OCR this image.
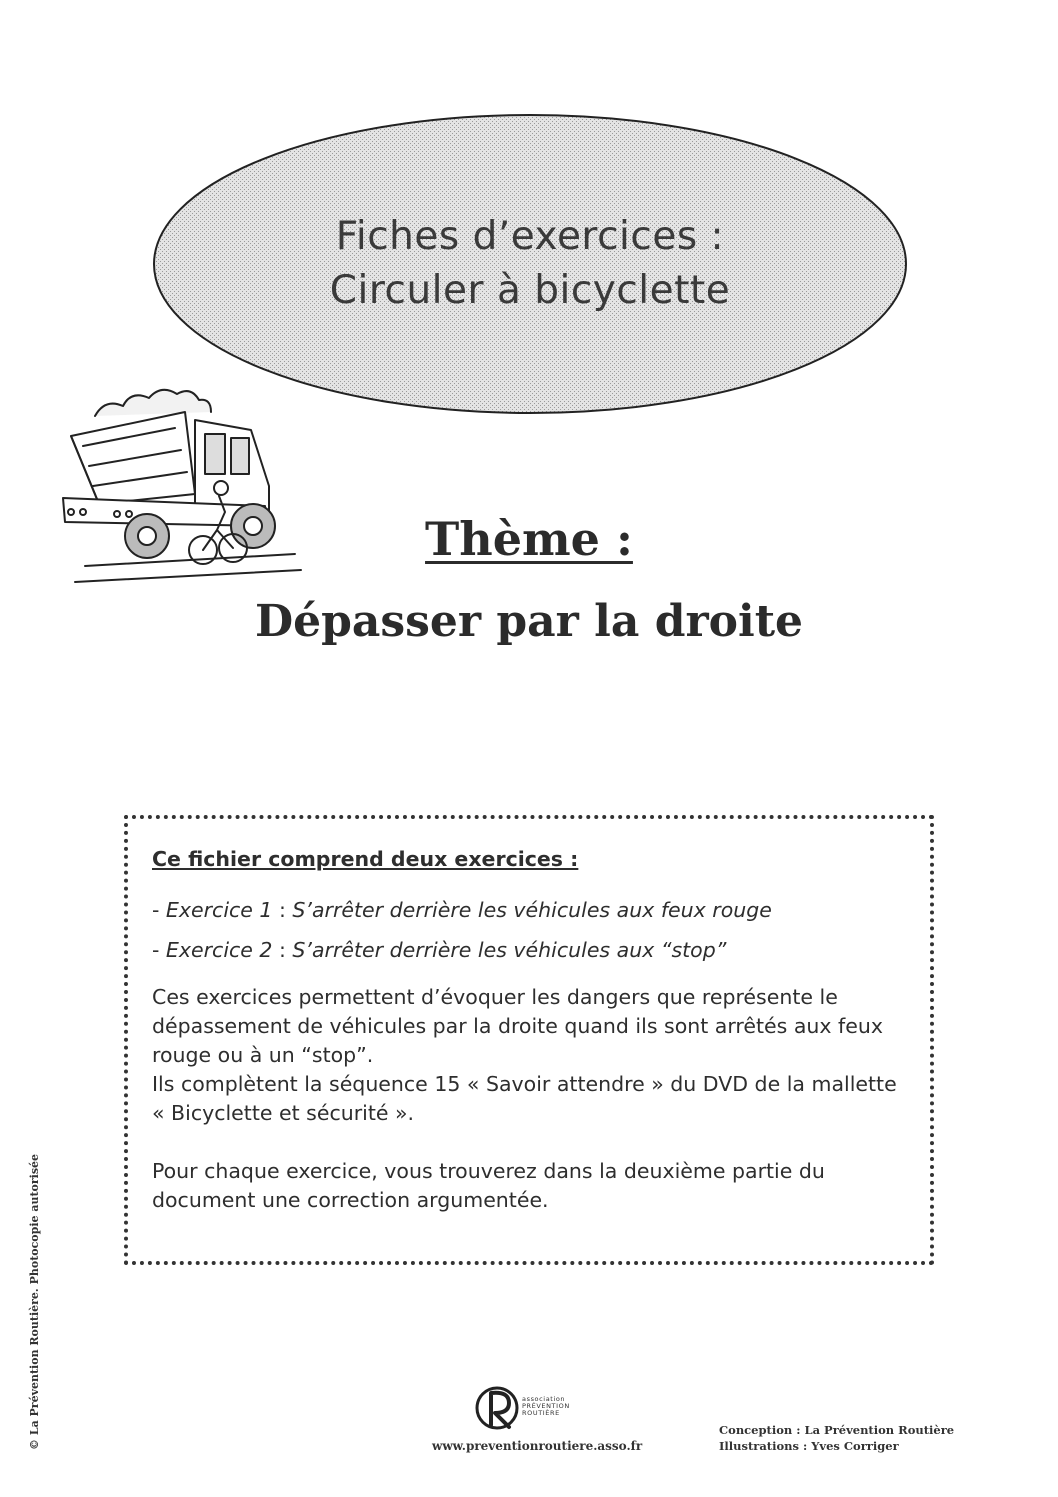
Fiches d’exercices :
Circuler à bicyclette
Thème :
Dépasser par la droite
Ce fichier comprend deux exercices :
- Exercice 1 : S’arrêter derrière les véhicules aux feux rouge
- Exercice 2 : S’arrêter derrière les véhicules aux “stop”

Ces exercices permettent d’évoquer les dangers que représente le dépassement de véhicules par la droite quand ils sont arrêtés aux feux rouge ou à un “stop”.

Ils complètent la séquence 15 « Savoir attendre » du DVD de la mallette « Bicyclette et sécurité ».

Pour chaque exercice, vous trouverez dans la deuxième partie du document une correction argumentée.

© La Prévention Routière. Photocopie autorisée	association
PRÉVENTION
ROUTIÈRE
www.preventionroutiere.asso.fr
Conception : La Prévention Routière
Illustrations : Yves Corriger
